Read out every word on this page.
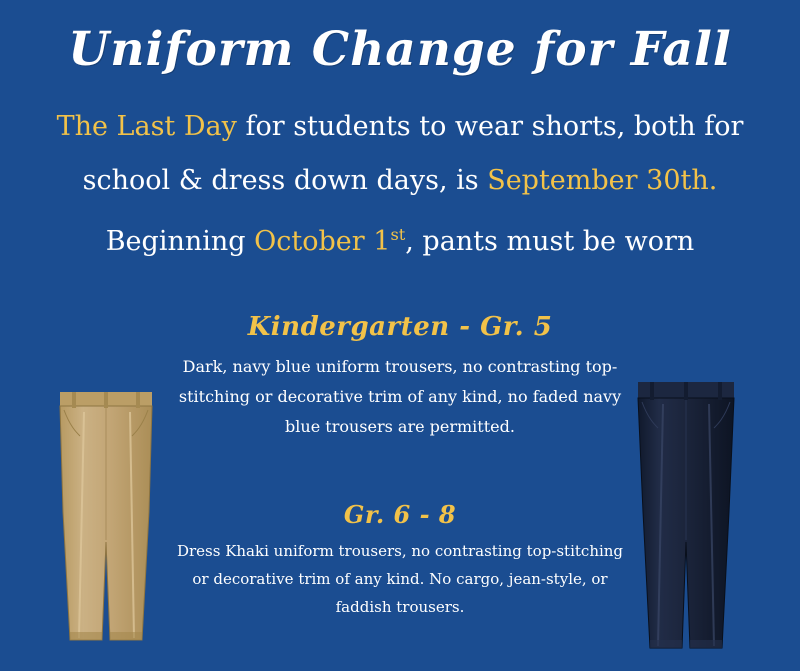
Uniform Change for Fall
The Last Day for students to wear shorts, both for
school & dress down days, is September 30th.
Beginning October 1st, pants must be worn
Kindergarten - Gr. 5
Dark, navy blue uniform trousers, no contrasting top-stitching or decorative trim of any kind, no faded navy blue trousers are permitted.
Gr. 6 - 8
Dress Khaki uniform trousers, no contrasting top-stitching or decorative trim of any kind. No cargo, jean-style, or faddish trousers.
